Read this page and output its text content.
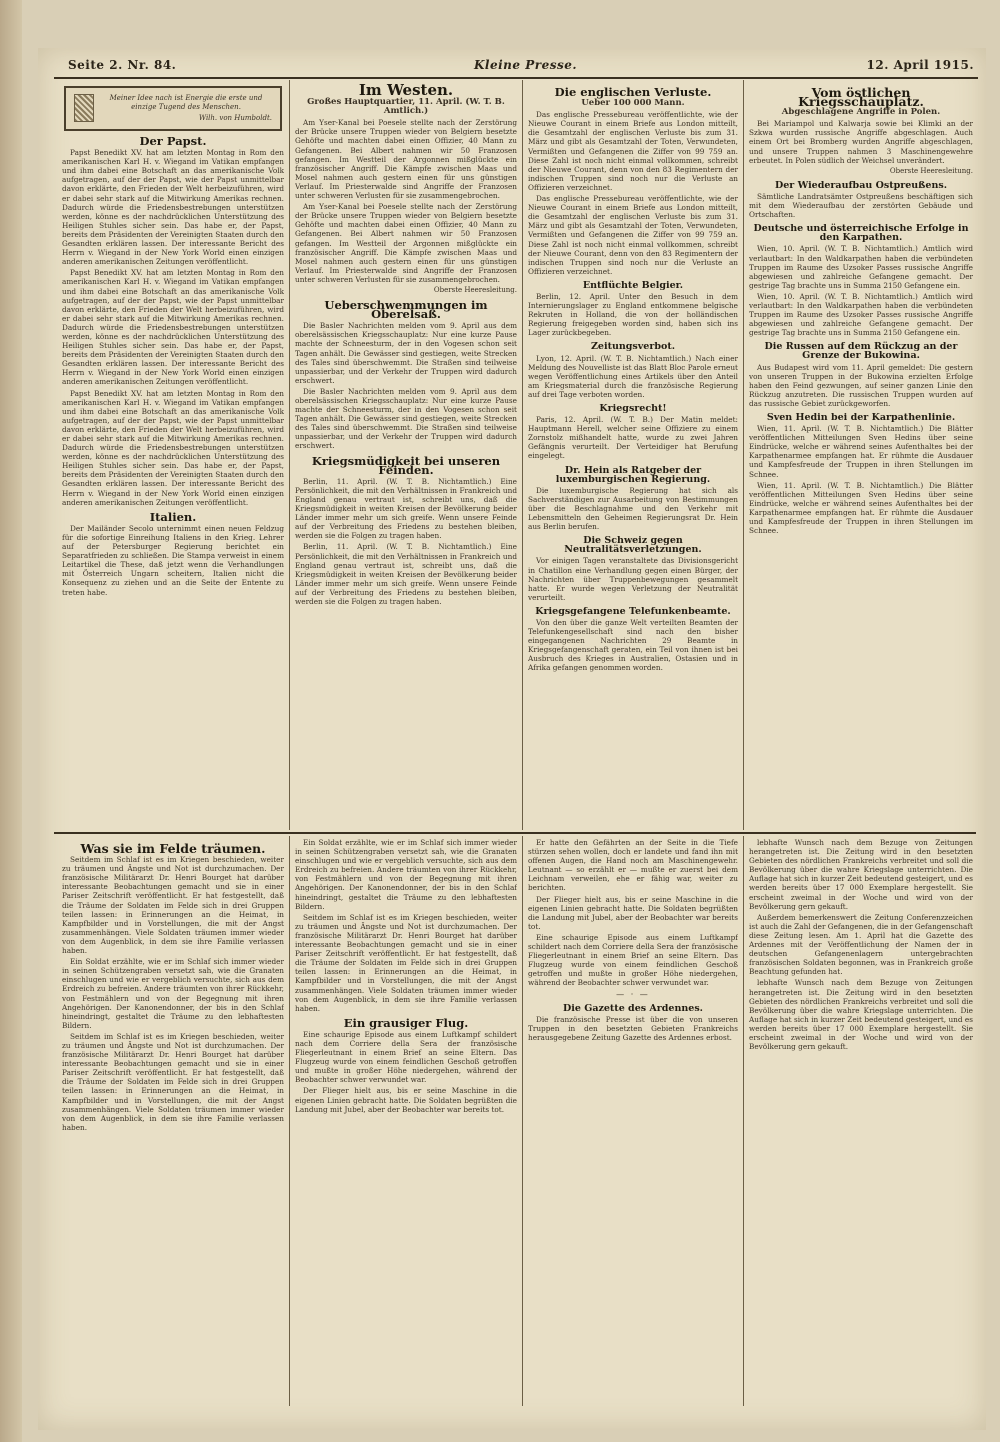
Seite 2. Nr. 84.	Kleine Presse.	12. April 1915.
Meiner Idee nach ist Energie die erste und einzige Tugend des Menschen.
Wilh. von Humboldt.
Der Papst.

Papst Benedikt XV. hat am letzten Montag in Rom den amerikanischen Karl H. v. Wiegand im Vatikan empfangen und ihm dabei eine Botschaft an das amerikanische Volk aufgetragen, auf der der Papst, wie der Papst unmittelbar davon erklärte, den Frieden der Welt herbeizuführen, wird er dabei sehr stark auf die Mitwirkung Amerikas rechnen. Dadurch würde die Friedensbestrebungen unterstützen werden, könne es der nachdrücklichen Unterstützung des Heiligen Stuhles sicher sein. Das habe er, der Papst, bereits dem Präsidenten der Vereinigten Staaten durch den Gesandten erklären lassen. Der interessante Bericht des Herrn v. Wiegand in der New York World einen einzigen anderen amerikanischen Zeitungen veröffentlicht.

Papst Benedikt XV. hat am letzten Montag in Rom den amerikanischen Karl H. v. Wiegand im Vatikan empfangen und ihm dabei eine Botschaft an das amerikanische Volk aufgetragen, auf der der Papst, wie der Papst unmittelbar davon erklärte, den Frieden der Welt herbeizuführen, wird er dabei sehr stark auf die Mitwirkung Amerikas rechnen. Dadurch würde die Friedensbestrebungen unterstützen werden, könne es der nachdrücklichen Unterstützung des Heiligen Stuhles sicher sein. Das habe er, der Papst, bereits dem Präsidenten der Vereinigten Staaten durch den Gesandten erklären lassen. Der interessante Bericht des Herrn v. Wiegand in der New York World einen einzigen anderen amerikanischen Zeitungen veröffentlicht.

Papst Benedikt XV. hat am letzten Montag in Rom den amerikanischen Karl H. v. Wiegand im Vatikan empfangen und ihm dabei eine Botschaft an das amerikanische Volk aufgetragen, auf der der Papst, wie der Papst unmittelbar davon erklärte, den Frieden der Welt herbeizuführen, wird er dabei sehr stark auf die Mitwirkung Amerikas rechnen. Dadurch würde die Friedensbestrebungen unterstützen werden, könne es der nachdrücklichen Unterstützung des Heiligen Stuhles sicher sein. Das habe er, der Papst, bereits dem Präsidenten der Vereinigten Staaten durch den Gesandten erklären lassen. Der interessante Bericht des Herrn v. Wiegand in der New York World einen einzigen anderen amerikanischen Zeitungen veröffentlicht.

Italien.

Der Mailänder Secolo unternimmt einen neuen Feldzug für die sofortige Einreihung Italiens in den Krieg. Lehrer auf der Petersburger Regierung berichtet ein Separatfrieden zu schließen. Die Stampa verweist in einem Leitartikel die These, daß jetzt wenn die Verhandlungen mit Österreich Ungarn scheitern, Italien nicht die Konsequenz zu ziehen und an die Seite der Entente zu treten habe.

Im Westen.
Großes Hauptquartier, 11. April. (W. T. B. Amtlich.)

Am Yser-Kanal bei Poesele stellte nach der Zerstörung der Brücke unsere Truppen wieder von Belgiern besetzte Gehöfte und machten dabei einen Offizier, 40 Mann zu Gefangenen. Bei Albert nahmen wir 50 Franzosen gefangen. Im Westteil der Argonnen mißglückte ein französischer Angriff. Die Kämpfe zwischen Maas und Mosel nahmen auch gestern einen für uns günstigen Verlauf. Im Priesterwalde sind Angriffe der Franzosen unter schweren Verlusten für sie zusammengebrochen.

Am Yser-Kanal bei Poesele stellte nach der Zerstörung der Brücke unsere Truppen wieder von Belgiern besetzte Gehöfte und machten dabei einen Offizier, 40 Mann zu Gefangenen. Bei Albert nahmen wir 50 Franzosen gefangen. Im Westteil der Argonnen mißglückte ein französischer Angriff. Die Kämpfe zwischen Maas und Mosel nahmen auch gestern einen für uns günstigen Verlauf. Im Priesterwalde sind Angriffe der Franzosen unter schweren Verlusten für sie zusammengebrochen.

Oberste Heeresleitung.
Ueberschwemmungen im Oberelsaß.

Die Basler Nachrichten melden vom 9. April aus dem oberelsässischen Kriegsschauplatz: Nur eine kurze Pause machte der Schneesturm, der in den Vogesen schon seit Tagen anhält. Die Gewässer sind gestiegen, weite Strecken des Tales sind überschwemmt. Die Straßen sind teilweise unpassierbar, und der Verkehr der Truppen wird dadurch erschwert.

Die Basler Nachrichten melden vom 9. April aus dem oberelsässischen Kriegsschauplatz: Nur eine kurze Pause machte der Schneesturm, der in den Vogesen schon seit Tagen anhält. Die Gewässer sind gestiegen, weite Strecken des Tales sind überschwemmt. Die Straßen sind teilweise unpassierbar, und der Verkehr der Truppen wird dadurch erschwert.

Kriegsmüdigkeit bei unseren Feinden.

Berlin, 11. April. (W. T. B. Nichtamtlich.) Eine Persönlichkeit, die mit den Verhältnissen in Frankreich und England genau vertraut ist, schreibt uns, daß die Kriegsmüdigkeit in weiten Kreisen der Bevölkerung beider Länder immer mehr um sich greife. Wenn unsere Feinde auf der Verbreitung des Friedens zu bestehen bleiben, werden sie die Folgen zu tragen haben.

Berlin, 11. April. (W. T. B. Nichtamtlich.) Eine Persönlichkeit, die mit den Verhältnissen in Frankreich und England genau vertraut ist, schreibt uns, daß die Kriegsmüdigkeit in weiten Kreisen der Bevölkerung beider Länder immer mehr um sich greife. Wenn unsere Feinde auf der Verbreitung des Friedens zu bestehen bleiben, werden sie die Folgen zu tragen haben.

Die englischen Verluste.
Ueber 100 000 Mann.

Das englische Pressebureau veröffentlichte, wie der Nieuwe Courant in einem Briefe aus London mitteilt, die Gesamtzahl der englischen Verluste bis zum 31. März und gibt als Gesamtzahl der Toten, Verwundeten, Vermißten und Gefangenen die Ziffer von 99 759 an. Diese Zahl ist noch nicht einmal vollkommen, schreibt der Nieuwe Courant, denn von den 83 Regimentern der indischen Truppen sind noch nur die Verluste an Offizieren verzeichnet.

Das englische Pressebureau veröffentlichte, wie der Nieuwe Courant in einem Briefe aus London mitteilt, die Gesamtzahl der englischen Verluste bis zum 31. März und gibt als Gesamtzahl der Toten, Verwundeten, Vermißten und Gefangenen die Ziffer von 99 759 an. Diese Zahl ist noch nicht einmal vollkommen, schreibt der Nieuwe Courant, denn von den 83 Regimentern der indischen Truppen sind noch nur die Verluste an Offizieren verzeichnet.

Entflüchte Belgier.

Berlin, 12. April. Unter den Besuch in dem Internierungslager zu England entkommene belgische Rekruten in Holland, die von der holländischen Regierung freigegeben worden sind, haben sich ins Lager zurückbegeben.

Zeitungsverbot.

Lyon, 12. April. (W. T. B. Nichtamtlich.) Nach einer Meldung des Nouvelliste ist das Blatt Bloc Parole erneut wegen Veröffentlichung eines Artikels über den Anteil am Kriegsmaterial durch die französische Regierung auf drei Tage verboten worden.

Kriegsrecht!

Paris, 12. April. (W. T. B.) Der Matin meldet: Hauptmann Herell, welcher seine Offiziere zu einem Zornstolz mißhandelt hatte, wurde zu zwei Jahren Gefängnis verurteilt. Der Verteidiger hat Berufung eingelegt.

Dr. Hein als Ratgeber der luxemburgischen Regierung.

Die luxemburgische Regierung hat sich als Sachverständigen zur Ausarbeitung von Bestimmungen über die Beschlagnahme und den Verkehr mit Lebensmitteln den Geheimen Regierungsrat Dr. Hein aus Berlin berufen.

Die Schweiz gegen Neutralitätsverletzungen.

Vor einigen Tagen veranstaltete das Divisionsgericht in Chatillon eine Verhandlung gegen einen Bürger, der Nachrichten über Truppenbewegungen gesammelt hatte. Er wurde wegen Verletzung der Neutralität verurteilt.

Kriegsgefangene Telefunkenbeamte.

Von den über die ganze Welt verteilten Beamten der Telefunkengesellschaft sind nach den bisher eingegangenen Nachrichten 29 Beamte in Kriegsgefangenschaft geraten, ein Teil von ihnen ist bei Ausbruch des Krieges in Australien, Ostasien und in Afrika gefangen genommen worden.

Vom östlichen Kriegsschauplatz.
Abgeschlagene Angriffe in Polen.

Bei Mariampol und Kalwarja sowie bei Klimki an der Szkwa wurden russische Angriffe abgeschlagen. Auch einem Ort bei Bromberg wurden Angriffe abgeschlagen, und unsere Truppen nahmen 3 Maschinengewehre erbeutet. In Polen südlich der Weichsel unverändert.

Oberste Heeresleitung.
Der Wiederaufbau Ostpreußens.

Sämtliche Landratsämter Ostpreußens beschäftigen sich mit dem Wiederaufbau der zerstörten Gebäude und Ortschaften.

Deutsche und österreichische Erfolge in den Karpathen.

Wien, 10. April. (W. T. B. Nichtamtlich.) Amtlich wird verlautbart: In den Waldkarpathen haben die verbündeten Truppen im Raume des Uzsoker Passes russische Angriffe abgewiesen und zahlreiche Gefangene gemacht. Der gestrige Tag brachte uns in Summa 2150 Gefangene ein.

Wien, 10. April. (W. T. B. Nichtamtlich.) Amtlich wird verlautbart: In den Waldkarpathen haben die verbündeten Truppen im Raume des Uzsoker Passes russische Angriffe abgewiesen und zahlreiche Gefangene gemacht. Der gestrige Tag brachte uns in Summa 2150 Gefangene ein.

Die Russen auf dem Rückzug an der Grenze der Bukowina.

Aus Budapest wird vom 11. April gemeldet: Die gestern von unseren Truppen in der Bukowina erzielten Erfolge haben den Feind gezwungen, auf seiner ganzen Linie den Rückzug anzutreten. Die russischen Truppen wurden auf das russische Gebiet zurückgeworfen.

Sven Hedin bei der Karpathenlinie.

Wien, 11. April. (W. T. B. Nichtamtlich.) Die Blätter veröffentlichen Mitteilungen Sven Hedins über seine Eindrücke, welche er während seines Aufenthaltes bei der Karpathenarmee empfangen hat. Er rühmte die Ausdauer und Kampfesfreude der Truppen in ihren Stellungen im Schnee.

Wien, 11. April. (W. T. B. Nichtamtlich.) Die Blätter veröffentlichen Mitteilungen Sven Hedins über seine Eindrücke, welche er während seines Aufenthaltes bei der Karpathenarmee empfangen hat. Er rühmte die Ausdauer und Kampfesfreude der Truppen in ihren Stellungen im Schnee.

Was sie im Felde träumen.

Seitdem im Schlaf ist es im Kriegen beschieden, weiter zu träumen und Ängste und Not ist durchzumachen. Der französische Militärarzt Dr. Henri Bourget hat darüber interessante Beobachtungen gemacht und sie in einer Pariser Zeitschrift veröffentlicht. Er hat festgestellt, daß die Träume der Soldaten im Felde sich in drei Gruppen teilen lassen: in Erinnerungen an die Heimat, in Kampfbilder und in Vorstellungen, die mit der Angst zusammenhängen. Viele Soldaten träumen immer wieder von dem Augenblick, in dem sie ihre Familie verlassen haben.

Ein Soldat erzählte, wie er im Schlaf sich immer wieder in seinen Schützengraben versetzt sah, wie die Granaten einschlugen und wie er vergeblich versuchte, sich aus dem Erdreich zu befreien. Andere träumten von ihrer Rückkehr, von Festmählern und von der Begegnung mit ihren Angehörigen. Der Kanonendonner, der bis in den Schlaf hineindringt, gestaltet die Träume zu den lebhaftesten Bildern.

Seitdem im Schlaf ist es im Kriegen beschieden, weiter zu träumen und Ängste und Not ist durchzumachen. Der französische Militärarzt Dr. Henri Bourget hat darüber interessante Beobachtungen gemacht und sie in einer Pariser Zeitschrift veröffentlicht. Er hat festgestellt, daß die Träume der Soldaten im Felde sich in drei Gruppen teilen lassen: in Erinnerungen an die Heimat, in Kampfbilder und in Vorstellungen, die mit der Angst zusammenhängen. Viele Soldaten träumen immer wieder von dem Augenblick, in dem sie ihre Familie verlassen haben.

Ein Soldat erzählte, wie er im Schlaf sich immer wieder in seinen Schützengraben versetzt sah, wie die Granaten einschlugen und wie er vergeblich versuchte, sich aus dem Erdreich zu befreien. Andere träumten von ihrer Rückkehr, von Festmählern und von der Begegnung mit ihren Angehörigen. Der Kanonendonner, der bis in den Schlaf hineindringt, gestaltet die Träume zu den lebhaftesten Bildern.

Seitdem im Schlaf ist es im Kriegen beschieden, weiter zu träumen und Ängste und Not ist durchzumachen. Der französische Militärarzt Dr. Henri Bourget hat darüber interessante Beobachtungen gemacht und sie in einer Pariser Zeitschrift veröffentlicht. Er hat festgestellt, daß die Träume der Soldaten im Felde sich in drei Gruppen teilen lassen: in Erinnerungen an die Heimat, in Kampfbilder und in Vorstellungen, die mit der Angst zusammenhängen. Viele Soldaten träumen immer wieder von dem Augenblick, in dem sie ihre Familie verlassen haben.

Ein grausiger Flug.

Eine schaurige Episode aus einem Luftkampf schildert nach dem Corriere della Sera der französische Fliegerleutnant in einem Brief an seine Eltern. Das Flugzeug wurde von einem feindlichen Geschoß getroffen und mußte in großer Höhe niedergehen, während der Beobachter schwer verwundet war.

Der Flieger hielt aus, bis er seine Maschine in die eigenen Linien gebracht hatte. Die Soldaten begrüßten die Landung mit Jubel, aber der Beobachter war bereits tot.

Er hatte den Gefährten an der Seite in die Tiefe stürzen sehen wollen, doch er landete und fand ihn mit offenen Augen, die Hand noch am Maschinengewehr. Leutnant — so erzählt er — mußte er zuerst bei dem Leichnam verweilen, ehe er fähig war, weiter zu berichten.

Der Flieger hielt aus, bis er seine Maschine in die eigenen Linien gebracht hatte. Die Soldaten begrüßten die Landung mit Jubel, aber der Beobachter war bereits tot.

Eine schaurige Episode aus einem Luftkampf schildert nach dem Corriere della Sera der französische Fliegerleutnant in einem Brief an seine Eltern. Das Flugzeug wurde von einem feindlichen Geschoß getroffen und mußte in großer Höhe niedergehen, während der Beobachter schwer verwundet war.

— · —
Die Gazette des Ardennes.

Die französische Presse ist über die von unseren Truppen in den besetzten Gebieten Frankreichs herausgegebene Zeitung Gazette des Ardennes erbost.

lebhafte Wunsch nach dem Bezuge von Zeitungen herangetreten ist. Die Zeitung wird in den besetzten Gebieten des nördlichen Frankreichs verbreitet und soll die Bevölkerung über die wahre Kriegslage unterrichten. Die Auflage hat sich in kurzer Zeit bedeutend gesteigert, und es werden bereits über 17 000 Exemplare hergestellt. Sie erscheint zweimal in der Woche und wird von der Bevölkerung gern gekauft.

Außerdem bemerkenswert die Zeitung Conferenzzeichen ist auch die Zahl der Gefangenen, die in der Gefangenschaft diese Zeitung lesen. Am 1. April hat die Gazette des Ardennes mit der Veröffentlichung der Namen der in deutschen Gefangenenlagern untergebrachten französischen Soldaten begonnen, was in Frankreich große Beachtung gefunden hat.

lebhafte Wunsch nach dem Bezuge von Zeitungen herangetreten ist. Die Zeitung wird in den besetzten Gebieten des nördlichen Frankreichs verbreitet und soll die Bevölkerung über die wahre Kriegslage unterrichten. Die Auflage hat sich in kurzer Zeit bedeutend gesteigert, und es werden bereits über 17 000 Exemplare hergestellt. Sie erscheint zweimal in der Woche und wird von der Bevölkerung gern gekauft.
